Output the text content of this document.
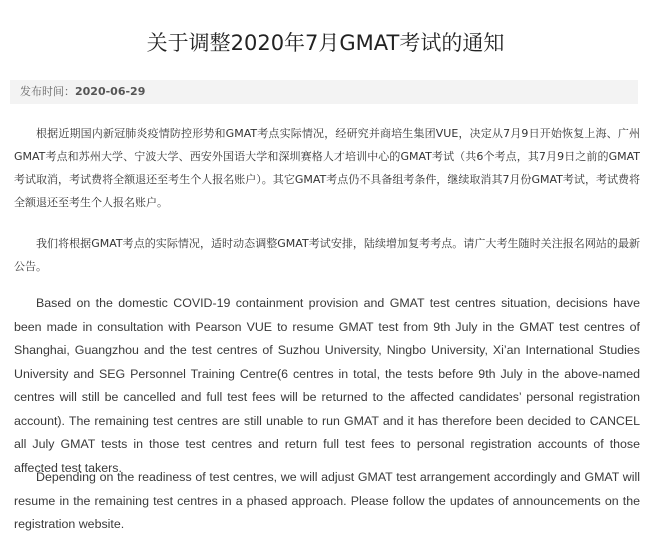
关于调整2020年7月GMAT考试的通知
发布时间：2020-06-29

根据近期国内新冠肺炎疫情防控形势和GMAT考点实际情况，经研究并商培生集团VUE，决定从7月9日开始恢复上海、广州GMAT考点和苏州大学、宁波大学、西安外国语大学和深圳赛格人才培训中心的GMAT考试（共6个考点，其7月9日之前的GMAT考试取消，考试费将全额退还至考生个人报名账户）。其它GMAT考点仍不具备组考条件，继续取消其7月份GMAT考试，考试费将全额退还至考生个人报名账户。

我们将根据GMAT考点的实际情况，适时动态调整GMAT考试安排，陆续增加复考考点。请广大考生随时关注报名网站的最新公告。

Based on the domestic COVID-19 containment provision and GMAT test centres situation, decisions have been made in consultation with Pearson VUE to resume GMAT test from 9th July in the GMAT test centres of Shanghai, Guangzhou and the test centres of Suzhou University, Ningbo University, Xi’an International Studies University and SEG Personnel Training Centre(6 centres in total, the tests before 9th July in the above-named centres will still be cancelled and full test fees will be returned to the affected candidates’ personal registration account). The remaining test centres are still unable to run GMAT and it has therefore been decided to CANCEL all July GMAT tests in those test centres and return full test fees to personal registration accounts of those affected test takers.

Depending on the readiness of test centres, we will adjust GMAT test arrangement accordingly and GMAT will resume in the remaining test centres in a phased approach. Please follow the updates of announcements on the registration website.
